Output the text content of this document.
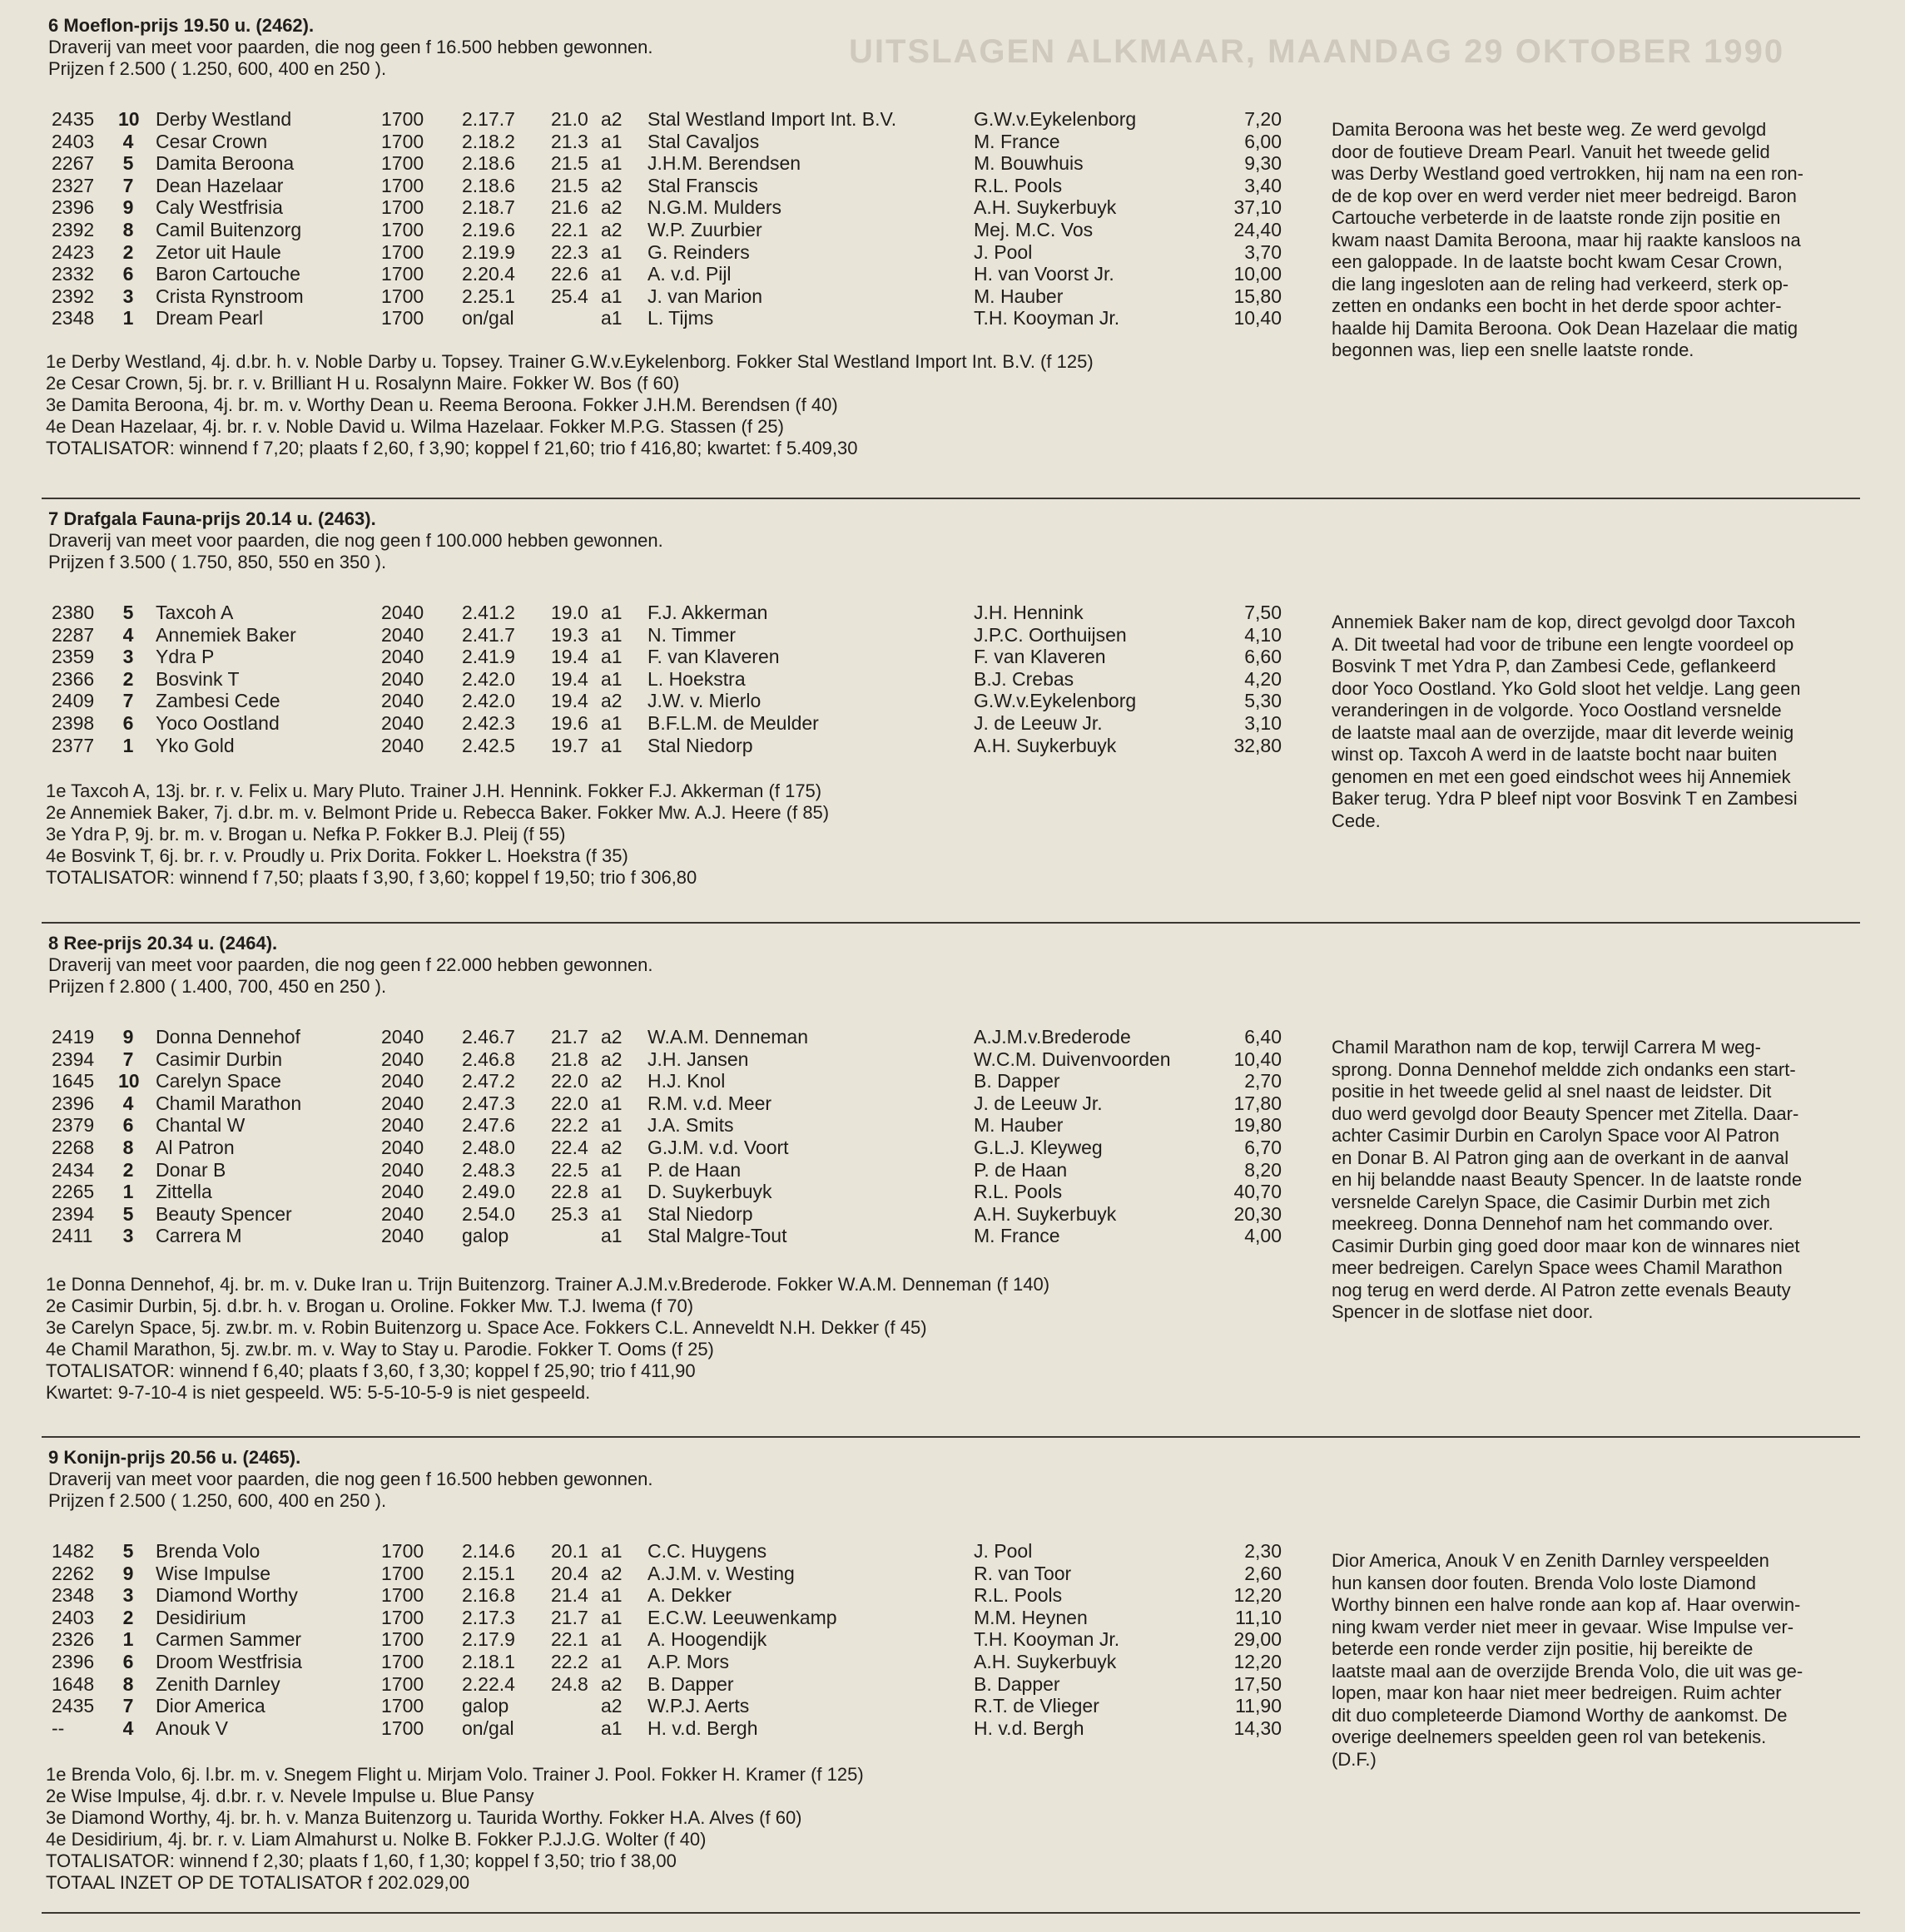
UITSLAGEN ALKMAAR, MAANDAG 29 OKTOBER 1990
6 Moeflon-prijs 19.50 u. (2462).
Draverij van meet voor paarden, die nog geen f 16.500 hebben gewonnen.
Prijzen f 2.500 ( 1.250, 600, 400 en 250 ).
2435 10 Derby Westland	1700 2.17.7 21.0 a2 Stal Westland Import Int. B.V.	G.W.v.Eykelenborg	7,20
2403 4 Cesar Crown	1700 2.18.2 21.3 a1 Stal Cavaljos	M. France	6,00
2267 5 Damita Beroona	1700 2.18.6 21.5 a1 J.H.M. Berendsen	M. Bouwhuis	9,30
2327 7 Dean Hazelaar	1700 2.18.6 21.5 a2 Stal Franscis	R.L. Pools	3,40
2396 9 Caly Westfrisia	1700 2.18.7 21.6 a2 N.G.M. Mulders	A.H. Suykerbuyk	37,10
2392 8 Camil Buitenzorg	1700 2.19.6 22.1 a2 W.P. Zuurbier	Mej. M.C. Vos	24,40
2423 2 Zetor uit Haule	1700 2.19.9 22.3 a1 G. Reinders	J. Pool	3,70
2332 6 Baron Cartouche	1700 2.20.4 22.6 a1 A. v.d. Pijl	H. van Voorst Jr.	10,00
2392 3 Crista Rynstroom	1700 2.25.1 25.4 a1 J. van Marion	M. Hauber	15,80
2348 1 Dream Pearl	1700 on/gal	a1 L. Tijms	T.H. Kooyman Jr.	10,40
1e Derby Westland, 4j. d.br. h. v. Noble Darby u. Topsey. Trainer G.W.v.Eykelenborg. Fokker Stal Westland Import Int. B.V. (f 125)
2e Cesar Crown, 5j. br. r. v. Brilliant H u. Rosalynn Maire. Fokker W. Bos (f 60)
3e Damita Beroona, 4j. br. m. v. Worthy Dean u. Reema Beroona. Fokker J.H.M. Berendsen (f 40)
4e Dean Hazelaar, 4j. br. r. v. Noble David u. Wilma Hazelaar. Fokker M.P.G. Stassen (f 25)
TOTALISATOR: winnend f 7,20; plaats f 2,60, f 3,90; koppel f 21,60; trio f 416,80; kwartet: f 5.409,30
Damita Beroona was het beste weg. Ze werd gevolgd
door de foutieve Dream Pearl. Vanuit het tweede gelid
was Derby Westland goed vertrokken, hij nam na een ron-
de de kop over en werd verder niet meer bedreigd. Baron
Cartouche verbeterde in de laatste ronde zijn positie en
kwam naast Damita Beroona, maar hij raakte kansloos na
een galoppade. In de laatste bocht kwam Cesar Crown,
die lang ingesloten aan de reling had verkeerd, sterk op-
zetten en ondanks een bocht in het derde spoor achter-
haalde hij Damita Beroona. Ook Dean Hazelaar die matig
begonnen was, liep een snelle laatste ronde.
7 Drafgala Fauna-prijs 20.14 u. (2463).
Draverij van meet voor paarden, die nog geen f 100.000 hebben gewonnen.
Prijzen f 3.500 ( 1.750, 850, 550 en 350 ).
2380 5 Taxcoh A	2040 2.41.2 19.0 a1 F.J. Akkerman	J.H. Hennink	7,50
2287 4 Annemiek Baker	2040 2.41.7 19.3 a1 N. Timmer	J.P.C. Oorthuijsen	4,10
2359 3 Ydra P	2040 2.41.9 19.4 a1 F. van Klaveren	F. van Klaveren	6,60
2366 2 Bosvink T	2040 2.42.0 19.4 a1 L. Hoekstra	B.J. Crebas	4,20
2409 7 Zambesi Cede	2040 2.42.0 19.4 a2 J.W. v. Mierlo	G.W.v.Eykelenborg	5,30
2398 6 Yoco Oostland	2040 2.42.3 19.6 a1 B.F.L.M. de Meulder	J. de Leeuw Jr.	3,10
2377 1 Yko Gold	2040 2.42.5 19.7 a1 Stal Niedorp	A.H. Suykerbuyk	32,80
1e Taxcoh A, 13j. br. r. v. Felix u. Mary Pluto. Trainer J.H. Hennink. Fokker F.J. Akkerman (f 175)
2e Annemiek Baker, 7j. d.br. m. v. Belmont Pride u. Rebecca Baker. Fokker Mw. A.J. Heere (f 85)
3e Ydra P, 9j. br. m. v. Brogan u. Nefka P. Fokker B.J. Pleij (f 55)
4e Bosvink T, 6j. br. r. v. Proudly u. Prix Dorita. Fokker L. Hoekstra (f 35)
TOTALISATOR: winnend f 7,50; plaats f 3,90, f 3,60; koppel f 19,50; trio f 306,80
Annemiek Baker nam de kop, direct gevolgd door Taxcoh
A. Dit tweetal had voor de tribune een lengte voordeel op
Bosvink T met Ydra P, dan Zambesi Cede, geflankeerd
door Yoco Oostland. Yko Gold sloot het veldje. Lang geen
veranderingen in de volgorde. Yoco Oostland versnelde
de laatste maal aan de overzijde, maar dit leverde weinig
winst op. Taxcoh A werd in de laatste bocht naar buiten
genomen en met een goed eindschot wees hij Annemiek
Baker terug. Ydra P bleef nipt voor Bosvink T en Zambesi
Cede.
8 Ree-prijs 20.34 u. (2464).
Draverij van meet voor paarden, die nog geen f 22.000 hebben gewonnen.
Prijzen f 2.800 ( 1.400, 700, 450 en 250 ).
2419 9 Donna Dennehof	2040 2.46.7 21.7 a2 W.A.M. Denneman	A.J.M.v.Brederode	6,40
2394 7 Casimir Durbin	2040 2.46.8 21.8 a2 J.H. Jansen	W.C.M. Duivenvoorden	10,40
1645 10 Carelyn Space	2040 2.47.2 22.0 a2 H.J. Knol	B. Dapper	2,70
2396 4 Chamil Marathon	2040 2.47.3 22.0 a1 R.M. v.d. Meer	J. de Leeuw Jr.	17,80
2379 6 Chantal W	2040 2.47.6 22.2 a1 J.A. Smits	M. Hauber	19,80
2268 8 Al Patron	2040 2.48.0 22.4 a2 G.J.M. v.d. Voort	G.L.J. Kleyweg	6,70
2434 2 Donar B	2040 2.48.3 22.5 a1 P. de Haan	P. de Haan	8,20
2265 1 Zittella	2040 2.49.0 22.8 a1 D. Suykerbuyk	R.L. Pools	40,70
2394 5 Beauty Spencer	2040 2.54.0 25.3 a1 Stal Niedorp	A.H. Suykerbuyk	20,30
2411 3 Carrera M	2040 galop	a1 Stal Malgre-Tout	M. France	4,00
1e Donna Dennehof, 4j. br. m. v. Duke Iran u. Trijn Buitenzorg. Trainer A.J.M.v.Brederode. Fokker W.A.M. Denneman (f 140)
2e Casimir Durbin, 5j. d.br. h. v. Brogan u. Oroline. Fokker Mw. T.J. Iwema (f 70)
3e Carelyn Space, 5j. zw.br. m. v. Robin Buitenzorg u. Space Ace. Fokkers C.L. Anneveldt N.H. Dekker (f 45)
4e Chamil Marathon, 5j. zw.br. m. v. Way to Stay u. Parodie. Fokker T. Ooms (f 25)
TOTALISATOR: winnend f 6,40; plaats f 3,60, f 3,30; koppel f 25,90; trio f 411,90
Kwartet: 9-7-10-4 is niet gespeeld. W5: 5-5-10-5-9 is niet gespeeld.
Chamil Marathon nam de kop, terwijl Carrera M weg-
sprong. Donna Dennehof meldde zich ondanks een start-
positie in het tweede gelid al snel naast de leidster. Dit
duo werd gevolgd door Beauty Spencer met Zitella. Daar-
achter Casimir Durbin en Carolyn Space voor Al Patron
en Donar B. Al Patron ging aan de overkant in de aanval
en hij belandde naast Beauty Spencer. In de laatste ronde
versnelde Carelyn Space, die Casimir Durbin met zich
meekreeg. Donna Dennehof nam het commando over.
Casimir Durbin ging goed door maar kon de winnares niet
meer bedreigen. Carelyn Space wees Chamil Marathon
nog terug en werd derde. Al Patron zette evenals Beauty
Spencer in de slotfase niet door.
9 Konijn-prijs 20.56 u. (2465).
Draverij van meet voor paarden, die nog geen f 16.500 hebben gewonnen.
Prijzen f 2.500 ( 1.250, 600, 400 en 250 ).
1482 5 Brenda Volo	1700 2.14.6 20.1 a1 C.C. Huygens	J. Pool	2,30
2262 9 Wise Impulse	1700 2.15.1 20.4 a2 A.J.M. v. Westing	R. van Toor	2,60
2348 3 Diamond Worthy	1700 2.16.8 21.4 a1 A. Dekker	R.L. Pools	12,20
2403 2 Desidirium	1700 2.17.3 21.7 a1 E.C.W. Leeuwenkamp	M.M. Heynen	11,10
2326 1 Carmen Sammer	1700 2.17.9 22.1 a1 A. Hoogendijk	T.H. Kooyman Jr.	29,00
2396 6 Droom Westfrisia	1700 2.18.1 22.2 a1 A.P. Mors	A.H. Suykerbuyk	12,20
1648 8 Zenith Darnley	1700 2.22.4 24.8 a2 B. Dapper	B. Dapper	17,50
2435 7 Dior America	1700 galop	a2 W.P.J. Aerts	R.T. de Vlieger	11,90
--	4 Anouk V	1700 on/gal	a1 H. v.d. Bergh	H. v.d. Bergh	14,30
1e Brenda Volo, 6j. l.br. m. v. Snegem Flight u. Mirjam Volo. Trainer J. Pool. Fokker H. Kramer (f 125)
2e Wise Impulse, 4j. d.br. r. v. Nevele Impulse u. Blue Pansy
3e Diamond Worthy, 4j. br. h. v. Manza Buitenzorg u. Taurida Worthy. Fokker H.A. Alves (f 60)
4e Desidirium, 4j. br. r. v. Liam Almahurst u. Nolke B. Fokker P.J.J.G. Wolter (f 40)
TOTALISATOR: winnend f 2,30; plaats f 1,60, f 1,30; koppel f 3,50; trio f 38,00
TOTAAL INZET OP DE TOTALISATOR f 202.029,00
Dior America, Anouk V en Zenith Darnley verspeelden
hun kansen door fouten. Brenda Volo loste Diamond
Worthy binnen een halve ronde aan kop af. Haar overwin-
ning kwam verder niet meer in gevaar. Wise Impulse ver-
beterde een ronde verder zijn positie, hij bereikte de
laatste maal aan de overzijde Brenda Volo, die uit was ge-
lopen, maar kon haar niet meer bedreigen. Ruim achter
dit duo completeerde Diamond Worthy de aankomst. De
overige deelnemers speelden geen rol van betekenis.
(D.F.)
